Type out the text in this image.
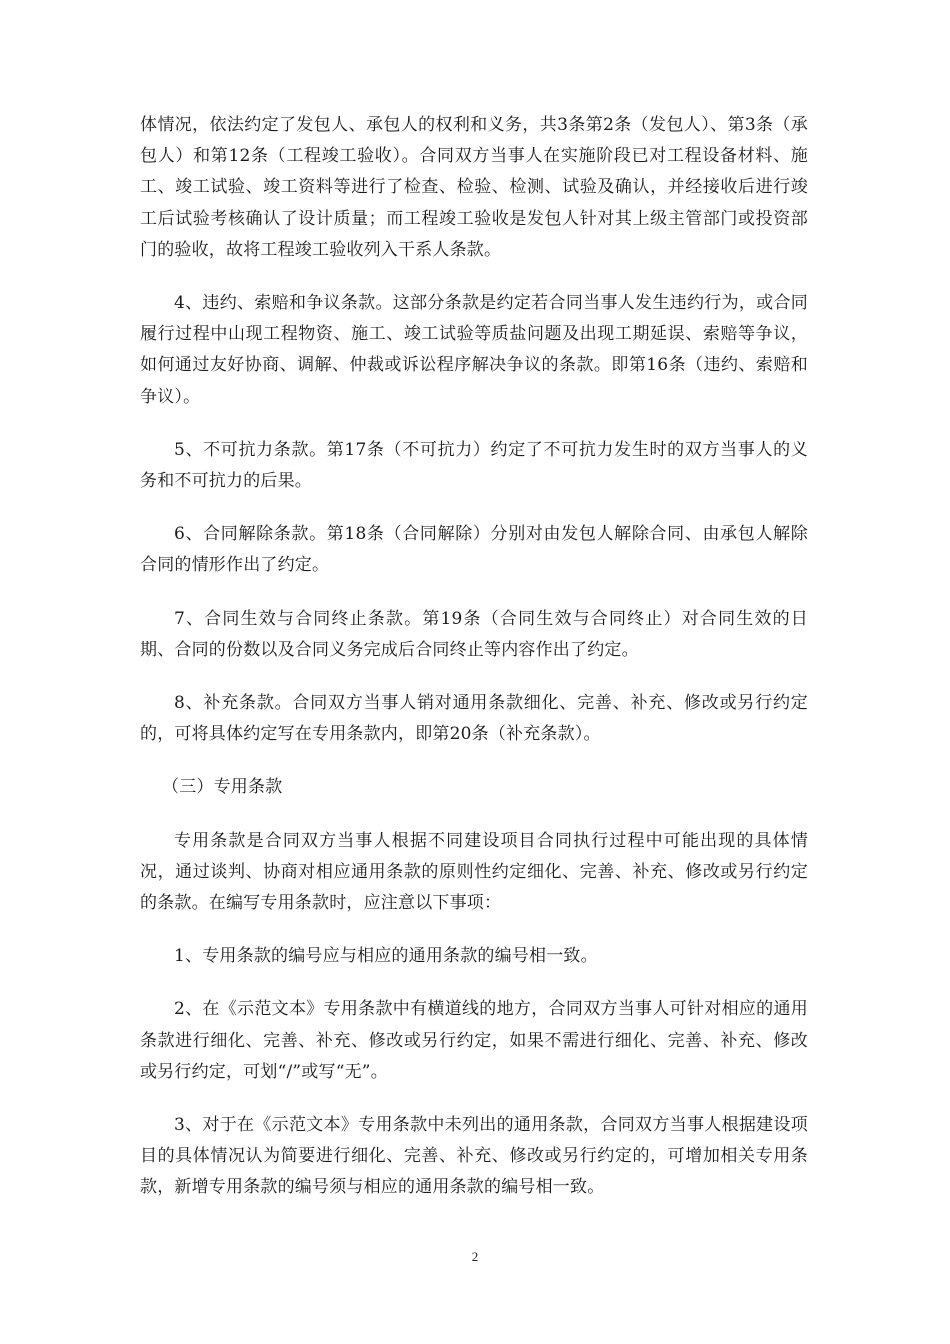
体情况，依法约定了发包人、承包人的权利和义务，共3条第2条（发包人）、第3条（承包人）和第12条（工程竣工验收）。合同双方当事人在实施阶段已对工程设备材料、施工、竣工试验、竣工资料等进行了检查、检验、检测、试验及确认，并经接收后进行竣工后试验考核确认了设计质量；而工程竣工验收是发包人针对其上级主管部门或投资部门的验收，故将工程竣工验收列入干系人条款。

4、违约、索赔和争议条款。这部分条款是约定若合同当事人发生违约行为，或合同履行过程中山现工程物资、施工、竣工试验等质盐问题及出现工期延误、索赔等争议，如何通过友好协商、调解、仲裁或诉讼程序解决争议的条款。即第16条（违约、索赔和争议）。

5、不可抗力条款。第17条（不可抗力）约定了不可抗力发生时的双方当事人的义务和不可抗力的后果。

6、合同解除条款。第18条（合同解除）分别对由发包人解除合同、由承包人解除合同的情形作出了约定。

7、合同生效与合同终止条款。第19条（合同生效与合同终止）对合同生效的日期、合同的份数以及合同义务完成后合同终止等内容作出了约定。

8、补充条款。合同双方当事人销对通用条款细化、完善、补充、修改或另行约定的，可将具体约定写在专用条款内，即第20条（补充条款）。

（三）专用条款

专用条款是合同双方当事人根据不同建设项目合同执行过程中可能出现的具体情况，通过谈判、协商对相应通用条款的原则性约定细化、完善、补充、修改或另行约定的条款。在编写专用条款时，应注意以下事项：

1、专用条款的编号应与相应的通用条款的编号相一致。

2、在《示范文本》专用条款中有横道线的地方，合同双方当事人可针对相应的通用条款进行细化、完善、补充、修改或另行约定，如果不需进行细化、完善、补充、修改或另行约定，可划“/”或写“无”。

3、对于在《示范文本》专用条款中未列出的通用条款，合同双方当事人根据建设项目的具体情况认为简要进行细化、完善、补充、修改或另行约定的，可增加相关专用条款，新增专用条款的编号须与相应的通用条款的编号相一致。

2
